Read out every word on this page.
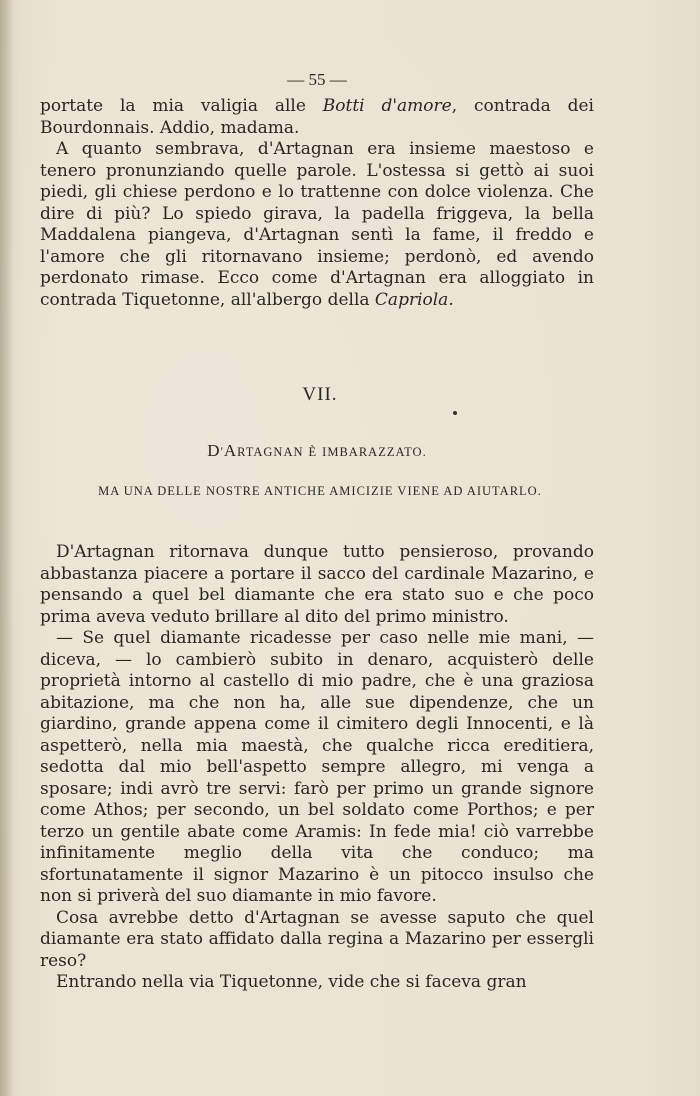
— 55 —

portate la mia valigia alle Botti d'amore, contrada dei Bourdonnais. Addio, madama.

A quanto sembrava, d'Artagnan era insieme maestoso e tenero pronunziando quelle parole. L'ostessa si gettò ai suoi piedi, gli chiese perdono e lo trattenne con dolce violenza. Che dire di più? Lo spiedo girava, la padella friggeva, la bella Maddalena piangeva, d'Artagnan sentì la fame, il freddo e l'amore che gli ritornavano insieme; perdonò, ed avendo perdonato rimase. Ecco come d'Artagnan era alloggiato in contrada Tiquetonne, all'albergo della Capriola.

VII.
D'ARTAGNAN È IMBARAZZATO.
MA UNA DELLE NOSTRE ANTICHE AMICIZIE VIENE AD AIUTARLO.

D'Artagnan ritornava dunque tutto pensieroso, provando abbastanza piacere a portare il sacco del cardinale Mazarino, e pensando a quel bel diamante che era stato suo e che poco prima aveva veduto brillare al dito del primo ministro.

— Se quel diamante ricadesse per caso nelle mie mani, — diceva, — lo cambierò subito in denaro, acquisterò delle proprietà intorno al castello di mio padre, che è una graziosa abitazione, ma che non ha, alle sue dipendenze, che un giardino, grande appena come il cimitero degli Innocenti, e là aspetterò, nella mia maestà, che qualche ricca ereditiera, sedotta dal mio bell'aspetto sempre allegro, mi venga a sposare; indi avrò tre servi: farò per primo un grande signore come Athos; per secondo, un bel soldato come Porthos; e per terzo un gentile abate come Aramis: In fede mia! ciò varrebbe infinitamente meglio della vita che conduco; ma sfortunatamente il signor Mazarino è un pitocco insulso che non si priverà del suo diamante in mio favore.

Cosa avrebbe detto d'Artagnan se avesse saputo che quel diamante era stato affidato dalla regina a Mazarino per essergli reso?

Entrando nella via Tiquetonne, vide che si faceva gran
